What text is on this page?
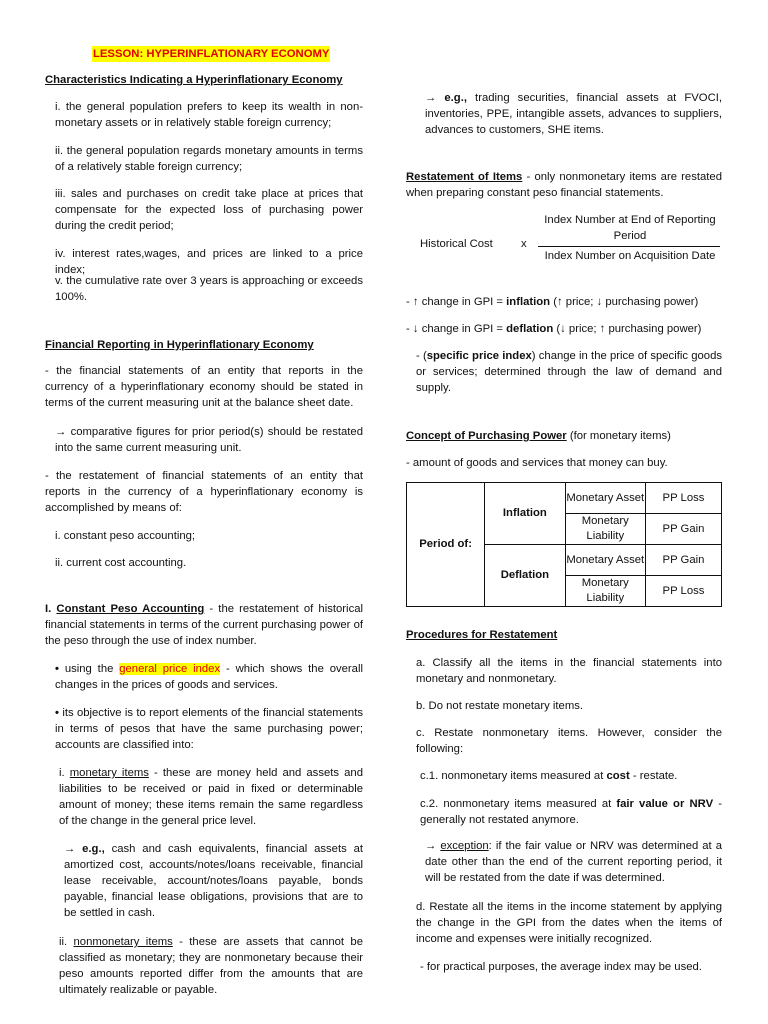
LESSON: HYPERINFLATIONARY ECONOMY

Characteristics Indicating a Hyperinflationary Economy

i. the general population prefers to keep its wealth in non-monetary assets or in relatively stable foreign currency;

ii. the general population regards monetary amounts in terms of a relatively stable foreign currency;

iii. sales and purchases on credit take place at prices that compensate for the expected loss of purchasing power during the credit period;

iv. interest rates,wages, and prices are linked to a price index;

v. the cumulative rate over 3 years is approaching or exceeds 100%.

Financial Reporting in Hyperinflationary Economy

- the financial statements of an entity that reports in the currency of a hyperinflationary economy should be stated in terms of the current measuring unit at the balance sheet date.

→ comparative figures for prior period(s) should be restated into the same current measuring unit.

- the restatement of financial statements of an entity that reports in the currency of a hyperinflationary economy is accomplished by means of:

i. constant peso accounting;

ii. current cost accounting.

I. Constant Peso Accounting - the restatement of historical financial statements in terms of the current purchasing power of the peso through the use of index number.

• using the general price index - which shows the overall changes in the prices of goods and services.

• its objective is to report elements of the financial statements in terms of pesos that have the same purchasing power; accounts are classified into:

i. monetary items - these are money held and assets and liabilities to be received or paid in fixed or determinable amount of money; these items remain the same regardless of the change in the general price level.

→ e.g., cash and cash equivalents, financial assets at amortized cost, accounts/notes/loans receivable, financial lease receivable, account/notes/loans payable, bonds payable, financial lease obligations, provisions that are to be settled in cash.

ii. nonmonetary items - these are assets that cannot be classified as monetary; they are nonmonetary because their peso amounts reported differ from the amounts that are ultimately realizable or payable.

→ e.g., trading securities, financial assets at FVOCI, inventories, PPE, intangible assets, advances to suppliers, advances to customers, SHE items.

Restatement of Items - only nonmonetary items are restated when preparing constant peso financial statements.

Historical Cost x
Index Number at End of Reporting Period
Index Number on Acquisition Date

- ↑ change in GPI = inflation (↑ price; ↓ purchasing power)

- ↓ change in GPI = deflation (↓ price; ↑ purchasing power)

- (specific price index) change in the price of specific goods or services; determined through the law of demand and supply.

Concept of Purchasing Power (for monetary items)

- amount of goods and services that money can buy.

Period of:	Inflation	Monetary Asset	PP Loss
		Monetary Liability	PP Gain
	Deflation	Monetary Asset	PP Gain
		Monetary Liability	PP Loss

Procedures for Restatement

a. Classify all the items in the financial statements into monetary and nonmonetary.

b. Do not restate monetary items.

c. Restate nonmonetary items. However, consider the following:

c.1. nonmonetary items measured at cost - restate.

c.2. nonmonetary items measured at fair value or NRV - generally not restated anymore.

→ exception: if the fair value or NRV was determined at a date other than the end of the current reporting period, it will be restated from the date if was determined.

d. Restate all the items in the income statement by applying the change in the GPI from the dates when the items of income and expenses were initially recognized.

- for practical purposes, the average index may be used.
